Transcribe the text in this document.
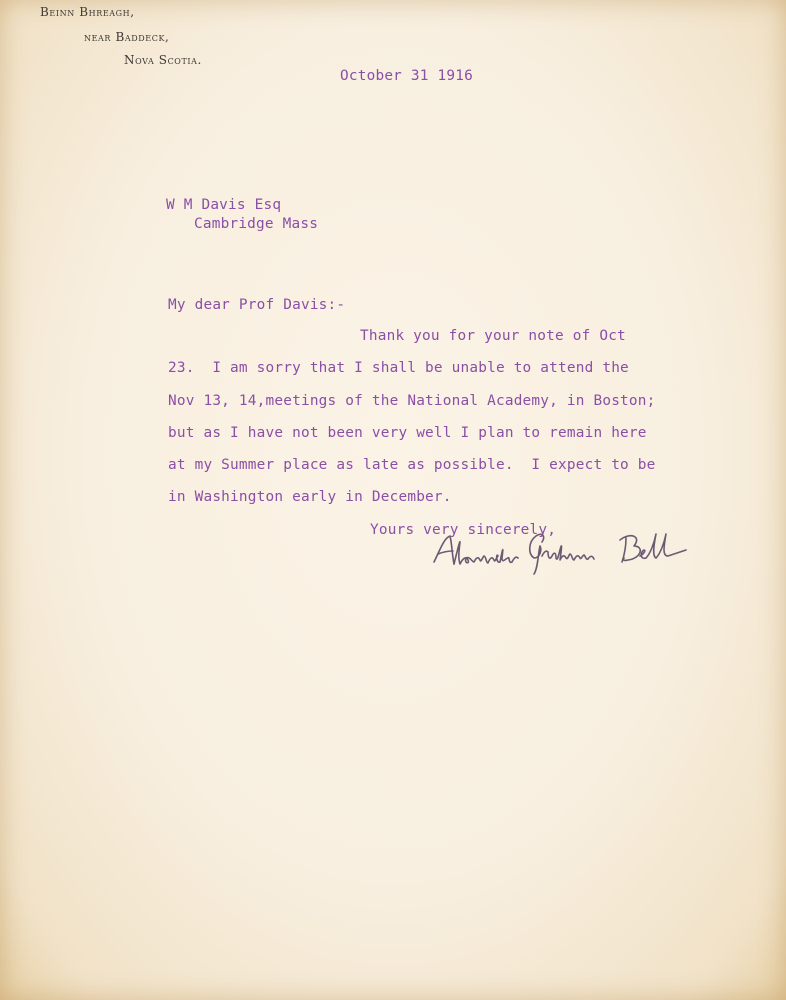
Beinn Bhreagh,
near Baddeck,
Nova Scotia.
October 31 1916
W M Davis Esq
Cambridge Mass
My dear Prof Davis:-
Thank you for your note of Oct
23.  I am sorry that I shall be unable to attend the
Nov 13, 14,meetings of the National Academy, in Boston;
but as I have not been very well I plan to remain here
at my Summer place as late as possible.  I expect to be
in Washington early in December.
Yours very sincerely,
